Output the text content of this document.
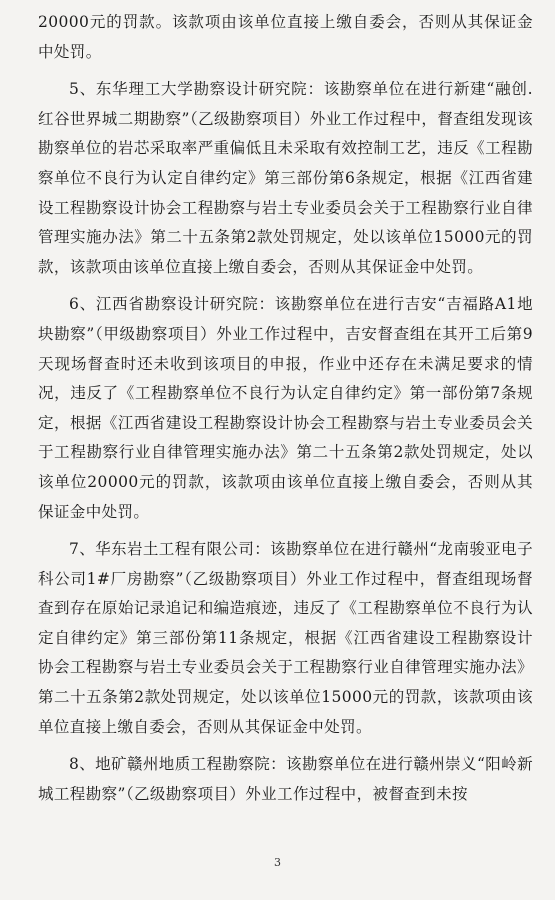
20000元的罚款。该款项由该单位直接上缴自委会，否则从其保证金中处罚。

5、东华理工大学勘察设计研究院：该勘察单位在进行新建“融创.红谷世界城二期勘察”（乙级勘察项目）外业工作过程中，督查组发现该勘察单位的岩芯采取率严重偏低且未采取有效控制工艺，违反《工程勘察单位不良行为认定自律约定》第三部份第6条规定，根据《江西省建设工程勘察设计协会工程勘察与岩土专业委员会关于工程勘察行业自律管理实施办法》第二十五条第2款处罚规定，处以该单位15000元的罚款，该款项由该单位直接上缴自委会，否则从其保证金中处罚。

6、江西省勘察设计研究院：该勘察单位在进行吉安“吉福路A1地块勘察”（甲级勘察项目）外业工作过程中，吉安督查组在其开工后第9天现场督查时还未收到该项目的申报，作业中还存在未满足要求的情况，违反了《工程勘察单位不良行为认定自律约定》第一部份第7条规定，根据《江西省建设工程勘察设计协会工程勘察与岩土专业委员会关于工程勘察行业自律管理实施办法》第二十五条第2款处罚规定，处以该单位20000元的罚款，该款项由该单位直接上缴自委会，否则从其保证金中处罚。

7、华东岩土工程有限公司：该勘察单位在进行赣州“龙南骏亚电子科公司1#厂房勘察”（乙级勘察项目）外业工作过程中，督查组现场督查到存在原始记录追记和编造痕迹，违反了《工程勘察单位不良行为认定自律约定》第三部份第11条规定，根据《江西省建设工程勘察设计协会工程勘察与岩土专业委员会关于工程勘察行业自律管理实施办法》第二十五条第2款处罚规定，处以该单位15000元的罚款，该款项由该单位直接上缴自委会，否则从其保证金中处罚。

8、地矿赣州地质工程勘察院：该勘察单位在进行赣州崇义“阳岭新城工程勘察”（乙级勘察项目）外业工作过程中，被督查到未按

3
